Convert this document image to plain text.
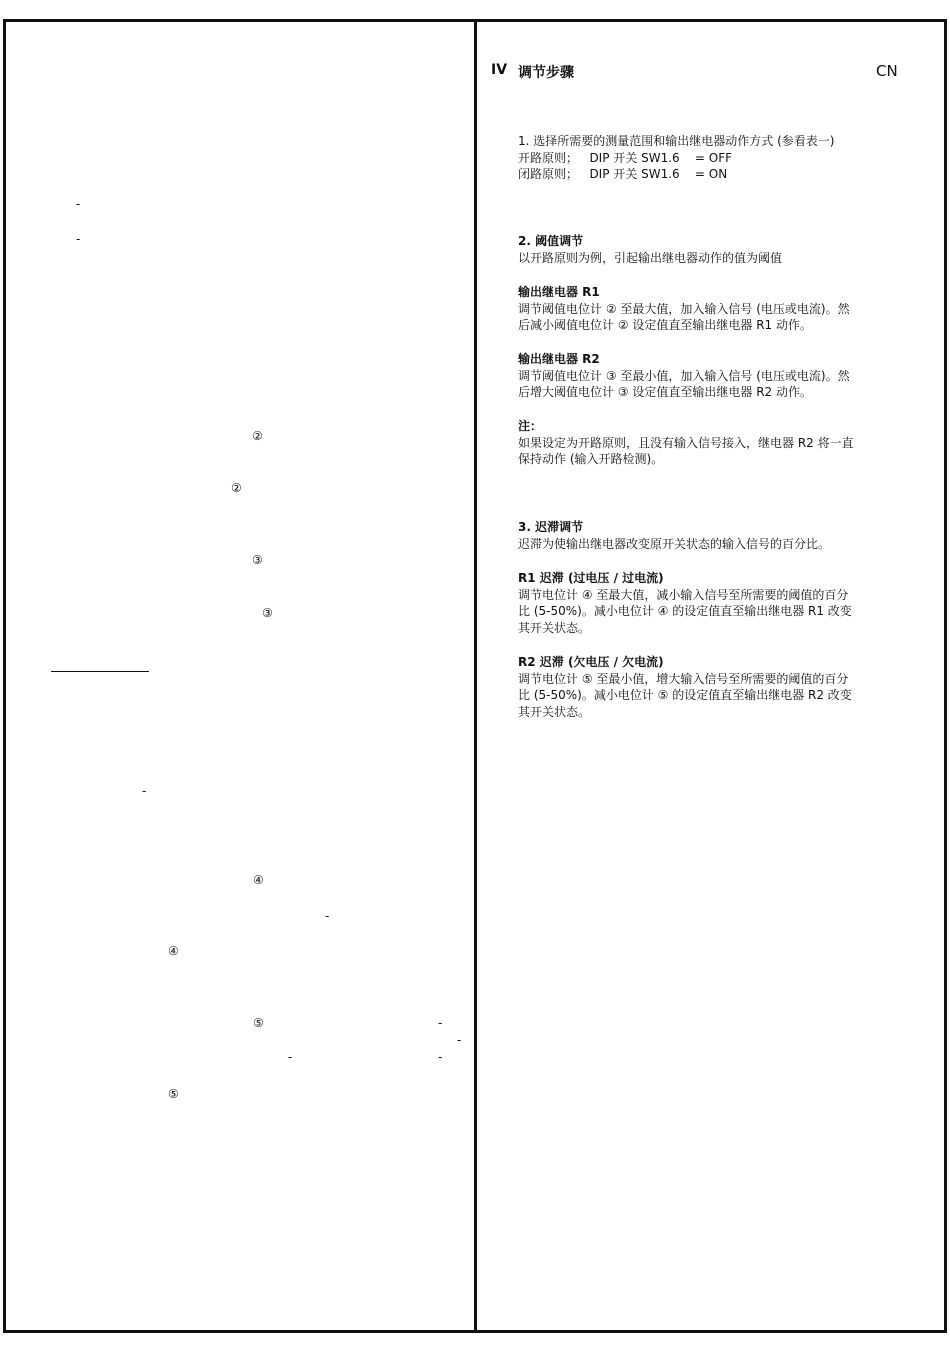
-
-
②
②
③
③
-
④
-
④
⑤	-
-
-	-
⑤
IV 调节步骤	CN

1. 选择所需要的测量范围和输出继电器动作方式 (参看表一)

开路原则；   DIP 开关 SW1.6    = OFF

闭路原则；   DIP 开关 SW1.6    = ON

2. 阈值调节

以开路原则为例，引起输出继电器动作的值为阈值

输出继电器 R1

调节阈值电位计 ② 至最大值，加入输入信号 (电压或电流)。然

后减小阈值电位计 ② 设定值直至输出继电器 R1 动作。

输出继电器 R2

调节阈值电位计 ③ 至最小值，加入输入信号 (电压或电流)。然

后增大阈值电位计 ③ 设定值直至输出继电器 R2 动作。

注：

如果设定为开路原则，且没有输入信号接入，继电器 R2 将一直

保持动作 (输入开路检测)。

3. 迟滞调节

迟滞为使输出继电器改变原开关状态的输入信号的百分比。

R1 迟滞 (过电压 / 过电流)

调节电位计 ④ 至最大值，减小输入信号至所需要的阈值的百分

比 (5-50%)。减小电位计 ④ 的设定值直至输出继电器 R1 改变

其开关状态。

R2 迟滞 (欠电压 / 欠电流)

调节电位计 ⑤ 至最小值，增大输入信号至所需要的阈值的百分

比 (5-50%)。减小电位计 ⑤ 的设定值直至输出继电器 R2 改变

其开关状态。
